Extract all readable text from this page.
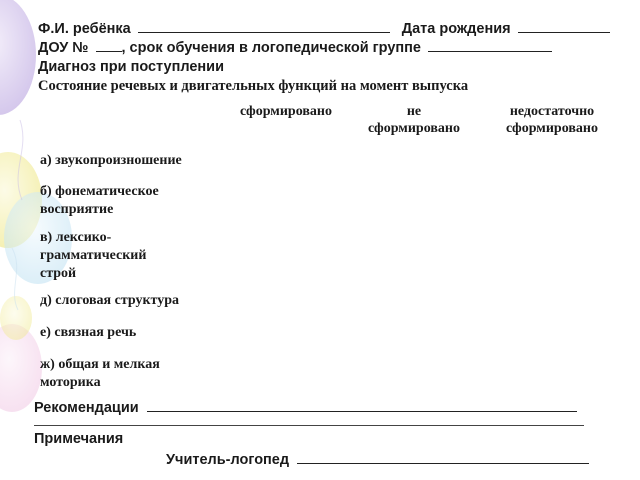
Ф.И. ребёнка	Дата рождения
ДОУ № , срок обучения в логопедической группе
Диагноз при поступлении
Состояние речевых и двигательных функций на момент выпуска
сформировано	не сформировано
недостаточно сформировано
а) звукопроизношение
б) фонематическое восприятие
в) лексико-грамматический строй
д) слоговая структура
е) связная речь
ж) общая и мелкая моторика
Рекомендации
Примечания
Учитель-логопед
